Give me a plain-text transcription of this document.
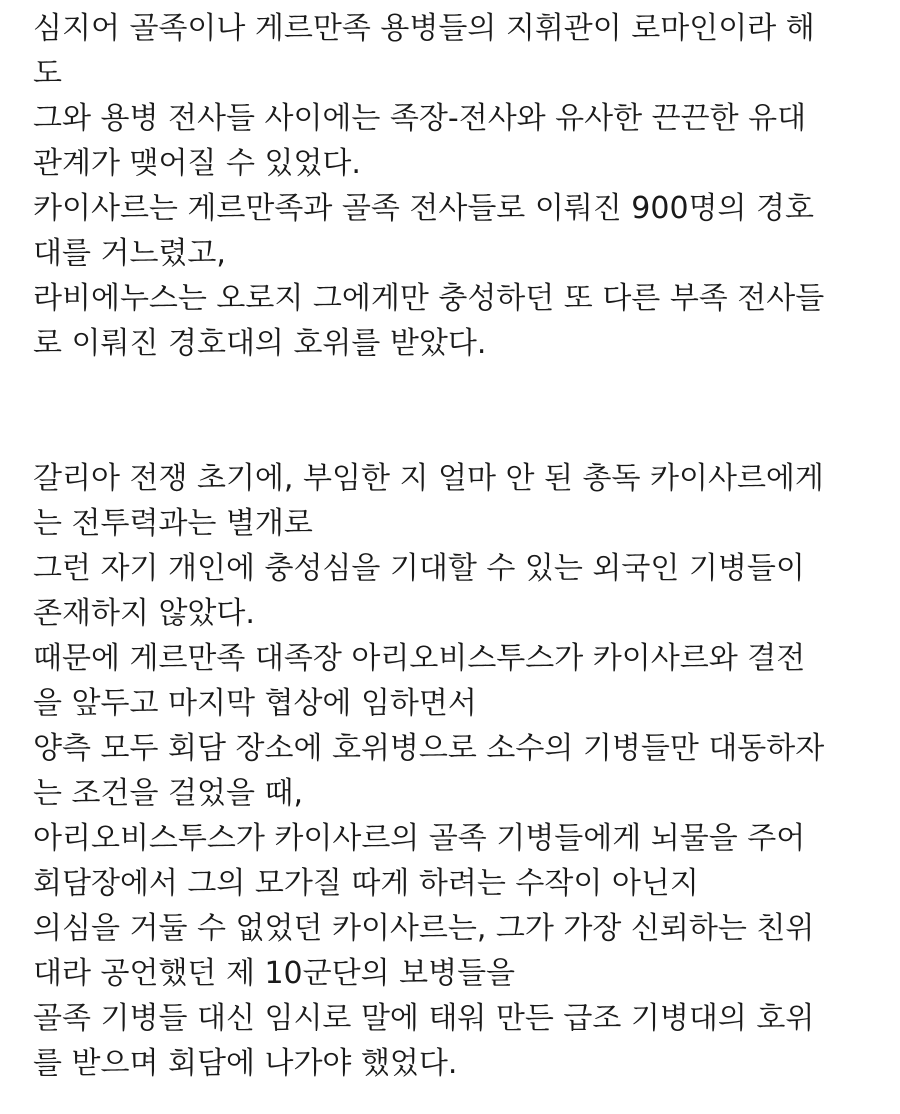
심지어 골족이나 게르만족 용병들의 지휘관이 로마인이라 해
도
그와 용병 전사들 사이에는 족장-전사와 유사한 끈끈한 유대
관계가 맺어질 수 있었다.
카이사르는 게르만족과 골족 전사들로 이뤄진 900명의 경호
대를 거느렸고,
라비에누스는 오로지 그에게만 충성하던 또 다른 부족 전사들
로 이뤄진 경호대의 호위를 받았다.
갈리아 전쟁 초기에, 부임한 지 얼마 안 된 총독 카이사르에게
는 전투력과는 별개로
그런 자기 개인에 충성심을 기대할 수 있는 외국인 기병들이
존재하지 않았다.
때문에 게르만족 대족장 아리오비스투스가 카이사르와 결전
을 앞두고 마지막 협상에 임하면서
양측 모두 회담 장소에 호위병으로 소수의 기병들만 대동하자
는 조건을 걸었을 때,
아리오비스투스가 카이사르의 골족 기병들에게 뇌물을 주어
회담장에서 그의 모가질 따게 하려는 수작이 아닌지
의심을 거둘 수 없었던 카이사르는, 그가 가장 신뢰하는 친위
대라 공언했던 제 10군단의 보병들을
골족 기병들 대신 임시로 말에 태워 만든 급조 기병대의 호위
를 받으며 회담에 나가야 했었다.
